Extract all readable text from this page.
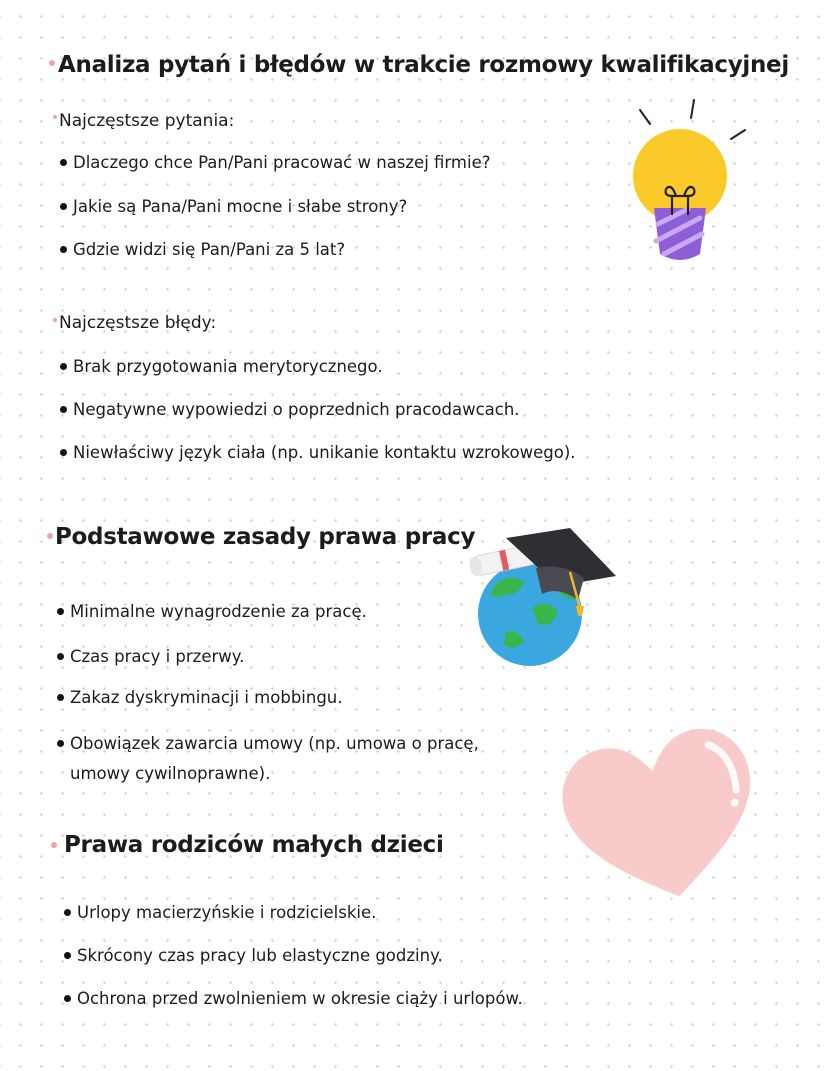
Analiza pytań i błędów w trakcie rozmowy kwalifikacyjnej
Najczęstsze pytania:
Dlaczego chce Pan/Pani pracować w naszej firmie?
Jakie są Pana/Pani mocne i słabe strony?
Gdzie widzi się Pan/Pani za 5 lat?
Najczęstsze błędy:
Brak przygotowania merytorycznego.
Negatywne wypowiedzi o poprzednich pracodawcach.
Niewłaściwy język ciała (np. unikanie kontaktu wzrokowego).
Podstawowe zasady prawa pracy
Minimalne wynagrodzenie za pracę.
Czas pracy i przerwy.
Zakaz dyskryminacji i mobbingu.
Obowiązek zawarcia umowy (np. umowa o pracę,
umowy cywilnoprawne).
Prawa rodziców małych dzieci
Urlopy macierzyńskie i rodzicielskie.
Skrócony czas pracy lub elastyczne godziny.
Ochrona przed zwolnieniem w okresie ciąży i urlopów.
